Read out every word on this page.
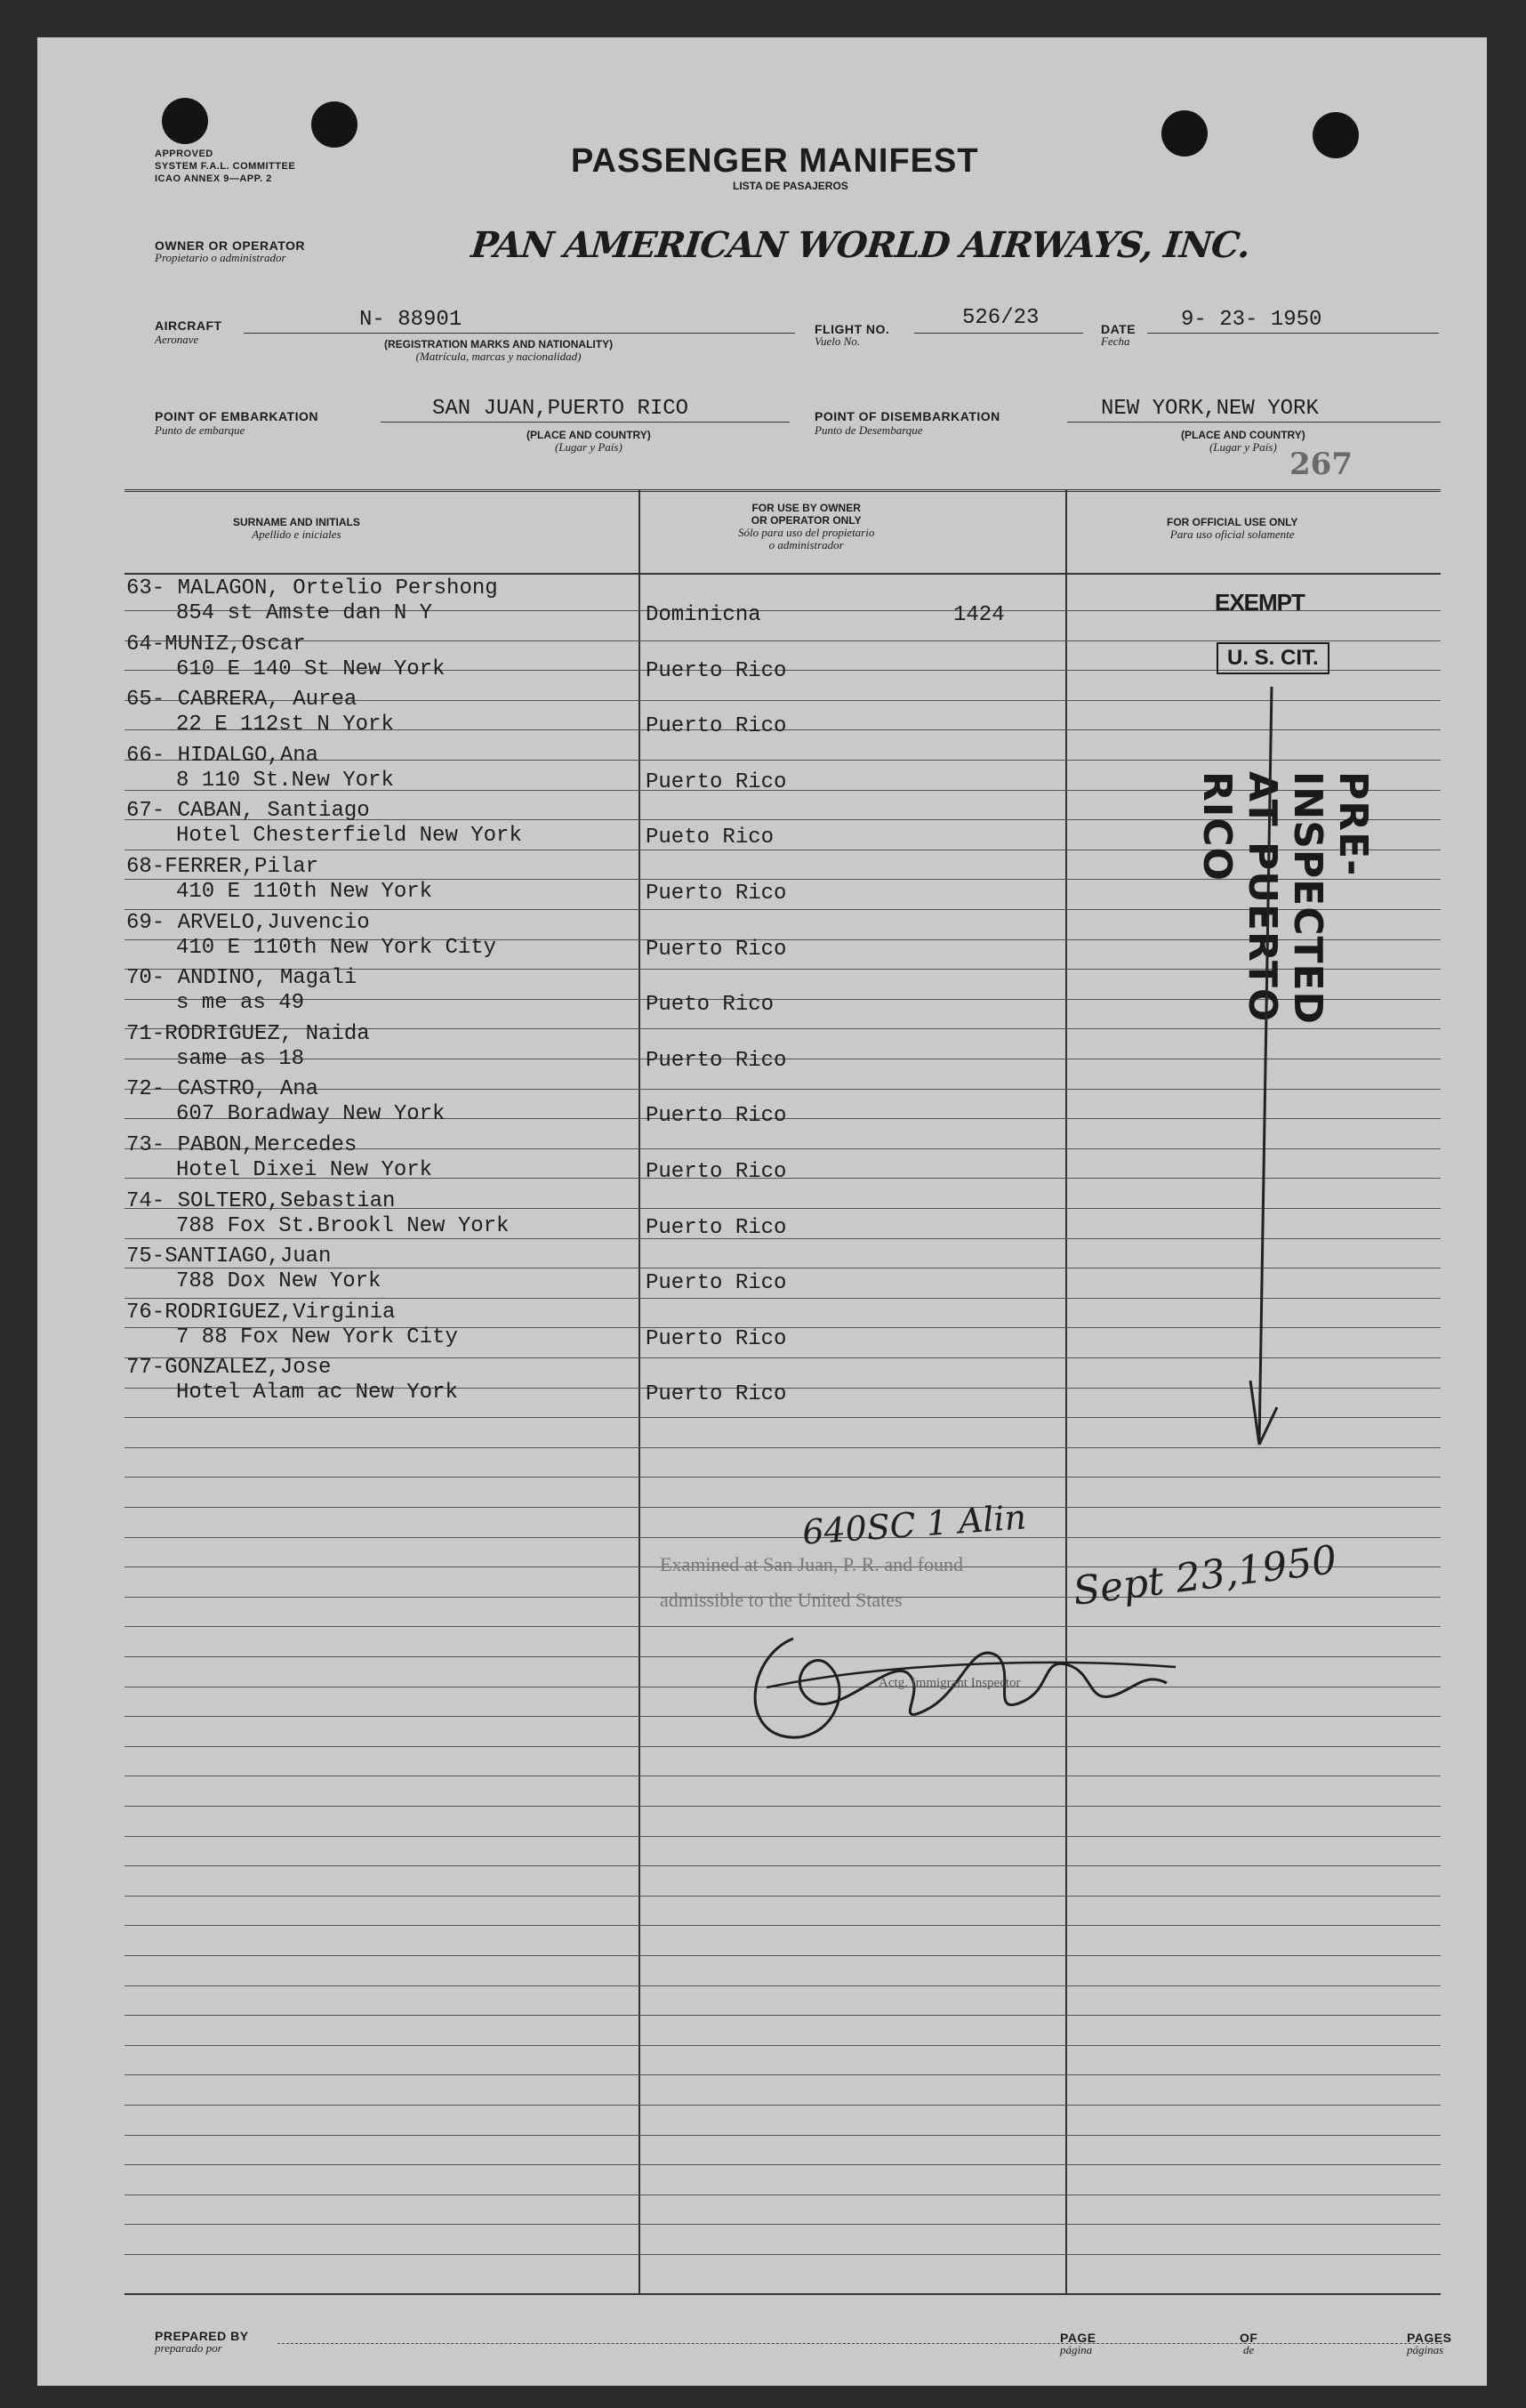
APPROVED
SYSTEM F.A.L. COMMITTEE
ICAO ANNEX 9—APP. 2	PASSENGER MANIFEST
LISTA DE PASAJEROS
OWNER OR OPERATOR
Propietario o administrador	PAN AMERICAN WORLD AIRWAYS, INC.
AIRCRAFT
Aeronave
N- 88901
(REGISTRATION MARKS AND NATIONALITY)
(Matrícula, marcas y nacionalidad)
FLIGHT NO.
Vuelo No.
526/23	DATE
Fecha
9- 23- 1950
POINT OF EMBARKATION
Punto de embarque
SAN JUAN,PUERTO RICO
(PLACE AND COUNTRY)
(Lugar y País)
POINT OF DISEMBARKATION
Punto de Desembarque
NEW YORK,NEW YORK
(PLACE AND COUNTRY)
(Lugar y País) 267
SURNAME AND INITIALS
Apellido e iniciales
FOR USE BY OWNER
OR OPERATOR ONLY
Sólo para uso del propietario
o administrador
FOR OFFICIAL USE ONLY
Para uso oficial solamente
63- MALAGON, Ortelio Pershong
854 st Amste dan N Y	Dominicna	1424
64-MUNIZ,Oscar
610 E 140 St New York	Puerto Rico
65- CABRERA, Aurea
22 E 112st N York	Puerto Rico
66- HIDALGO,Ana
8 110 St.New York	Puerto Rico
67- CABAN, Santiago
Hotel Chesterfield New York	Pueto Rico
68-FERRER,Pilar
410 E 110th New York	Puerto Rico
69- ARVELO,Juvencio
410 E 110th New York City	Puerto Rico
70- ANDINO, Magali
s me as 49	Pueto Rico
71-RODRIGUEZ, Naida
same as 18	Puerto Rico
72- CASTRO, Ana
607 Boradway New York	Puerto Rico
73- PABON,Mercedes
Hotel Dixei New York	Puerto Rico
74- SOLTERO,Sebastian
788 Fox St.Brookl New York	Puerto Rico
75-SANTIAGO,Juan
788 Dox New York	Puerto Rico
76-RODRIGUEZ,Virginia
7 88 Fox New York City	Puerto Rico
77-GONZALEZ,Jose
Hotel Alam ac New York	Puerto Rico
EXEMPT
U. S. CIT.
PRE-INSPECTED AT PUERTO RICO
640SC 1 Alin
Examined at San Juan, P. R. and found
admissible to the United States	Sept 23,1950
Actg. Immigrant Inspector
PREPARED BY
preparado por
PAGE
página
OF
de
PAGES
páginas
